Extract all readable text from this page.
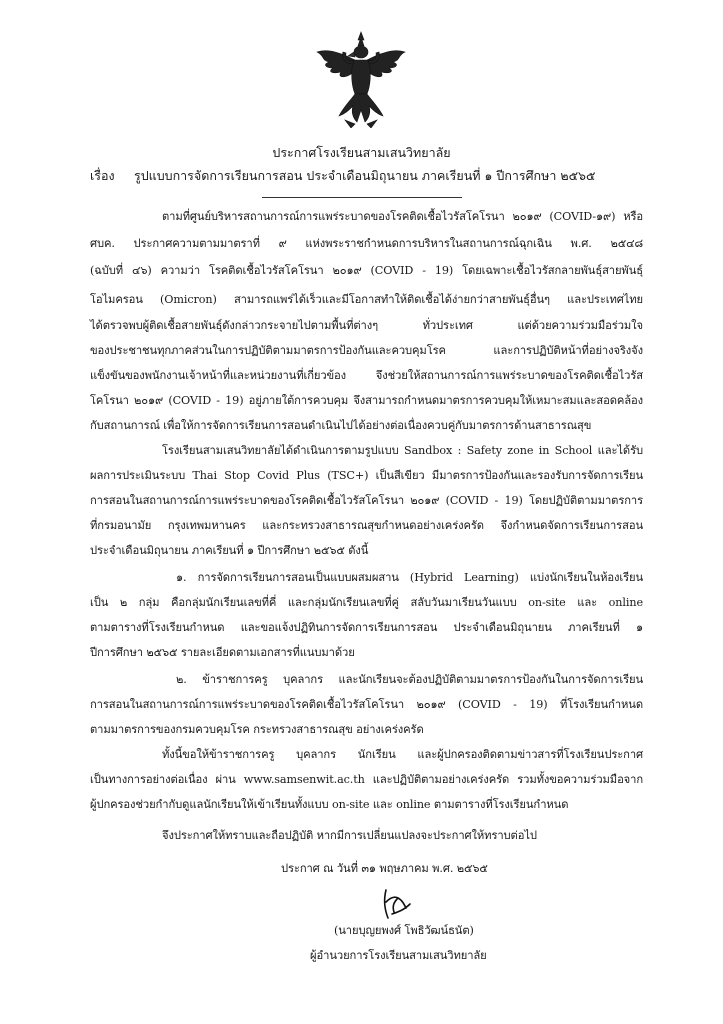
ประกาศโรงเรียนสามเสนวิทยาลัย
เรื่อง รูปแบบการจัดการเรียนการสอน ประจำเดือนมิถุนายน ภาคเรียนที่ ๑ ปีการศึกษา ๒๕๖๕
ตามที่ศูนย์บริหารสถานการณ์การแพร่ระบาดของโรคติดเชื้อไวรัสโคโรนา ๒๐๑๙ (COVID-๑๙) หรือ
ศบค. ประกาศความตามมาตราที่ ๙ แห่งพระราชกำหนดการบริหารในสถานการณ์ฉุกเฉิน พ.ศ. ๒๕๔๘
(ฉบับที่ ๔๖) ความว่า โรคติดเชื้อไวรัสโคโรนา ๒๐๑๙ (COVID - 19) โดยเฉพาะเชื้อไวรัสกลายพันธุ์สายพันธุ์
โอไมครอน (Omicron) สามารถแพร่ได้เร็วและมีโอกาสทำให้ติดเชื้อได้ง่ายกว่าสายพันธุ์อื่นๆ และประเทศไทย
ได้ตรวจพบผู้ติดเชื้อสายพันธุ์ดังกล่าวกระจายไปตามพื้นที่ต่างๆ ทั่วประเทศ แต่ด้วยความร่วมมือร่วมใจ
ของประชาชนทุกภาคส่วนในการปฏิบัติตามมาตรการป้องกันและควบคุมโรค และการปฏิบัติหน้าที่อย่างจริงจัง
แข็งขันของพนักงานเจ้าหน้าที่และหน่วยงานที่เกี่ยวข้อง จึงช่วยให้สถานการณ์การแพร่ระบาดของโรคติดเชื้อไวรัส
โคโรนา ๒๐๑๙ (COVID - 19) อยู่ภายใต้การควบคุม จึงสามารถกำหนดมาตรการควบคุมให้เหมาะสมและสอดคล้อง
กับสถานการณ์ เพื่อให้การจัดการเรียนการสอนดำเนินไปได้อย่างต่อเนื่องควบคู่กับมาตรการด้านสาธารณสุข
โรงเรียนสามเสนวิทยาลัยได้ดำเนินการตามรูปแบบ Sandbox : Safety zone in School และได้รับ
ผลการประเมินระบบ Thai Stop Covid Plus (TSC+) เป็นสีเขียว มีมาตรการป้องกันและรองรับการจัดการเรียน
การสอนในสถานการณ์การแพร่ระบาดของโรคติดเชื้อไวรัสโคโรนา ๒๐๑๙ (COVID - 19) โดยปฏิบัติตามมาตรการ
ที่กรมอนามัย กรุงเทพมหานคร และกระทรวงสาธารณสุขกำหนดอย่างเคร่งครัด จึงกำหนดจัดการเรียนการสอน
ประจำเดือนมิถุนายน ภาคเรียนที่ ๑ ปีการศึกษา ๒๕๖๕ ดังนี้
๑. การจัดการเรียนการสอนเป็นแบบผสมผสาน (Hybrid Learning) แบ่งนักเรียนในห้องเรียน
เป็น ๒ กลุ่ม คือกลุ่มนักเรียนเลขที่คี่ และกลุ่มนักเรียนเลขที่คู่ สลับวันมาเรียนวันแบบ on-site และ online
ตามตารางที่โรงเรียนกำหนด และขอแจ้งปฏิทินการจัดการเรียนการสอน ประจำเดือนมิถุนายน ภาคเรียนที่ ๑
ปีการศึกษา ๒๕๖๕ รายละเอียดตามเอกสารที่แนบมาด้วย
๒. ข้าราชการครู บุคลากร และนักเรียนจะต้องปฏิบัติตามมาตรการป้องกันในการจัดการเรียน
การสอนในสถานการณ์การแพร่ระบาดของโรคติดเชื้อไวรัสโคโรนา ๒๐๑๙ (COVID - 19) ที่โรงเรียนกำหนด
ตามมาตรการของกรมควบคุมโรค กระทรวงสาธารณสุข อย่างเคร่งครัด
ทั้งนี้ขอให้ข้าราชการครู บุคลากร นักเรียน และผู้ปกครองติดตามข่าวสารที่โรงเรียนประกาศ
เป็นทางการอย่างต่อเนื่อง ผ่าน www.samsenwit.ac.th และปฏิบัติตามอย่างเคร่งครัด รวมทั้งขอความร่วมมือจาก
ผู้ปกครองช่วยกำกับดูแลนักเรียนให้เข้าเรียนทั้งแบบ on-site และ online ตามตารางที่โรงเรียนกำหนด
จึงประกาศให้ทราบและถือปฏิบัติ หากมีการเปลี่ยนแปลงจะประกาศให้ทราบต่อไป
ประกาศ ณ วันที่ ๓๑ พฤษภาคม พ.ศ. ๒๕๖๕
(นายบุญยพงศ์ โพธิวัฒน์ธนัต)
ผู้อำนวยการโรงเรียนสามเสนวิทยาลัย
